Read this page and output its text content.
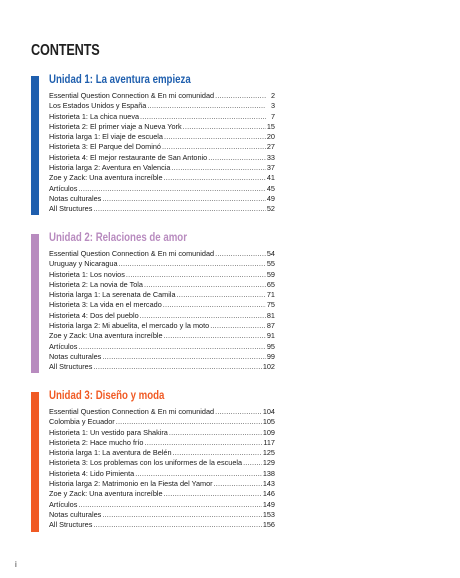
CONTENTS
Unidad 1: La aventura empieza
Essential Question Connection & En mi comunidad .....	2
Los Estados Unidos y España .....	3
Historieta 1: La chica nueva .....	7
Historieta 2: El primer viaje a Nueva York .....	15
Historia larga 1: El viaje de escuela .....	20
Historieta 3: El Parque del Dominó .....	27
Historieta 4: El mejor restaurante de San Antonio .....	33
Historia larga 2: Aventura en Valencia .....	37
Zoe y Zack: Una aventura increíble .....	41
Artículos .....	45
Notas culturales .....	49
All Structures .....	52
Unidad 2: Relaciones de amor
Essential Question Connection & En mi comunidad .....	54
Uruguay y Nicaragua .....	55
Historieta 1: Los novios .....	59
Historieta 2: La novia de Tola .....	65
Historia larga 1: La serenata de Camila .....	71
Historieta 3: La vida en el mercado .....	75
Historieta 4: Dos del pueblo .....	81
Historia larga 2: Mi abuelita, el mercado y la moto .....	87
Zoe y Zack: Una aventura increíble .....	91
Artículos .....	95
Notas culturales .....	99
All Structures .....	102
Unidad 3: Diseño y moda
Essential Question Connection & En mi comunidad .....	104
Colombia y Ecuador .....	105
Historieta 1: Un vestido para Shakira .....	109
Historieta 2: Hace mucho frío .....	117
Historia larga 1: La aventura de Belén .....	125
Historieta 3: Los problemas con los uniformes de la escuela .....	129
Historieta 4: Lido Pimienta .....	138
Historia larga 2: Matrimonio en la Fiesta del Yamor .....	143
Zoe y Zack: Una aventura increíble .....	146
Artículos .....	149
Notas culturales .....	153
All Structures .....	156
i
